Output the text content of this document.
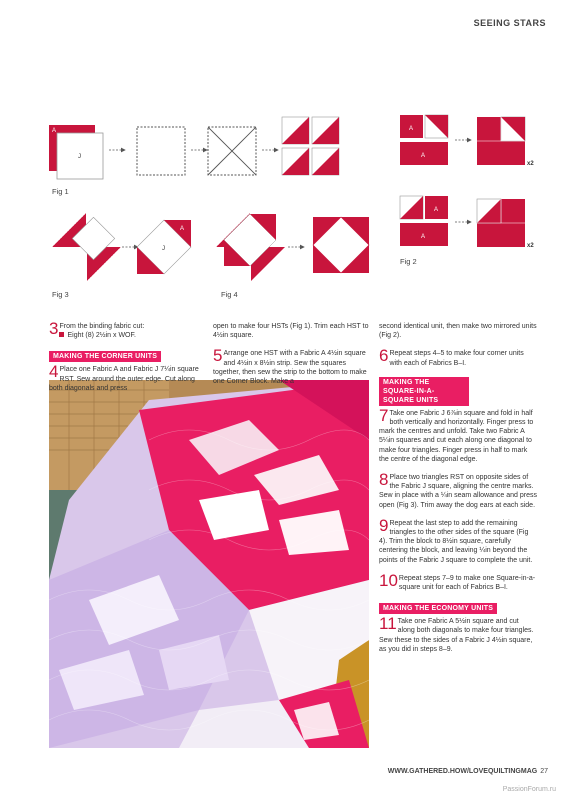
SEEING STARS
A
J
Fig 1
A
A
x2
A
A
x2
Fig 2
J
A
Fig 3	Fig 4
3 From the binding fabric cut:
Eight (8) 2½in x WOF.
MAKING THE CORNER UNITS
4 Place one Fabric A and Fabric J 7¼in square RST. Sew around the outer edge. Cut along both diagonals and press
open to make four HSTs (Fig 1). Trim each HST to 4½in square.
5 Arrange one HST with a Fabric A 4½in square and 4½in x 8½in strip. Sew the squares together, then sew the strip to the bottom to make one Corner Block. Make a
second identical unit, then make two mirrored units (Fig 2).
6 Repeat steps 4–5 to make four corner units with each of Fabrics B–I.
MAKING THE
SQUARE-IN-A-SQUARE UNITS
7 Take one Fabric J 6⅞in square and fold in half both vertically and horizontally. Finger press to mark the centres and unfold. Take two Fabric A 5¼in squares and cut each along one diagonal to make four triangles. Finger press in half to mark the centre of the diagonal edge.
8 Place two triangles RST on opposite sides of the Fabric J square, aligning the centre marks. Sew in place with a ¼in seam allowance and press open (Fig 3). Trim away the dog ears at each side.
9 Repeat the last step to add the remaining triangles to the other sides of the square (Fig 4). Trim the block to 8½in square, carefully centering the block, and leaving ¼in beyond the points of the Fabric J square to complete the unit.
10 Repeat steps 7–9 to make one Square-in-a-square unit for each of Fabrics B–I.
MAKING THE ECONOMY UNITS
11 Take one Fabric A 5½in square and cut along both diagonals to make four triangles. Sew these to the sides of a Fabric J 4½in square, as you did in steps 8–9.
WWW.GATHERED.HOW/LOVEQUILTINGMAG 27
PassionForum.ru
